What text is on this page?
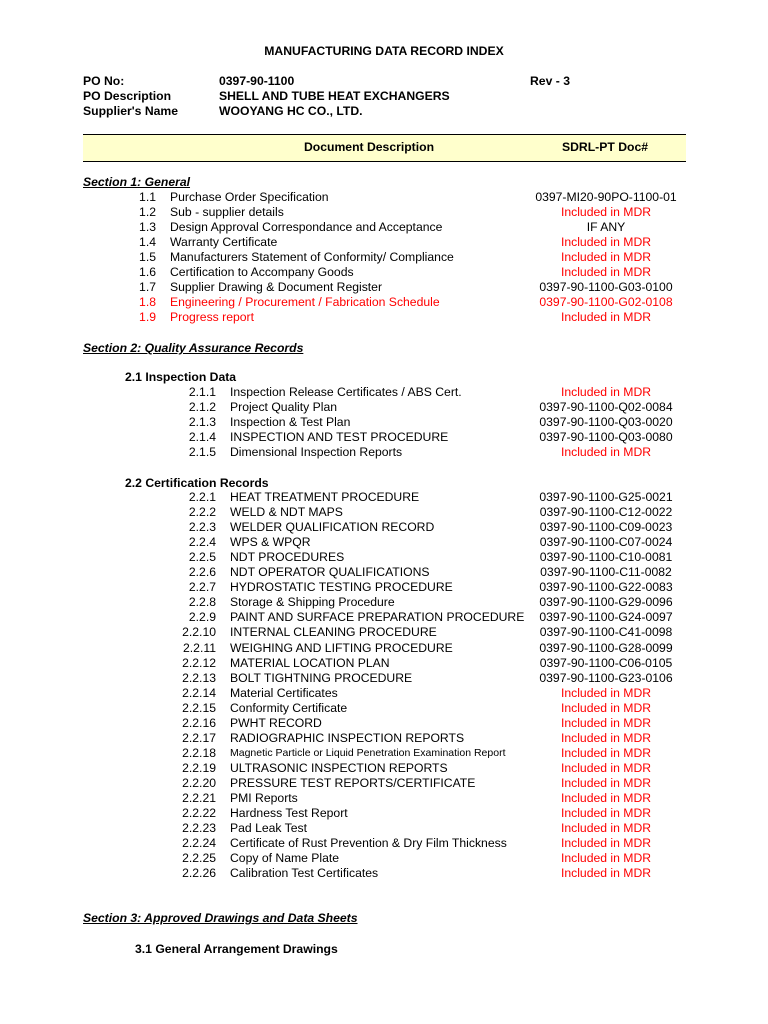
MANUFACTURING DATA RECORD INDEX
PO No:	0397-90-1100	Rev - 3
PO Description	SHELL AND TUBE HEAT EXCHANGERS
Supplier's Name	WOOYANG HC CO., LTD.
Document Description	SDRL-PT Doc#
Section 1: General
1.1 Purchase Order Specification	0397-MI20-90PO-1100-01
1.2 Sub - supplier details	Included in MDR
1.3 Design Approval Correspondance and Acceptance	IF ANY
1.4 Warranty Certificate	Included in MDR
1.5 Manufacturers Statement of Conformity/ Compliance	Included in MDR
1.6 Certification to Accompany Goods	Included in MDR
1.7 Supplier Drawing & Document Register	0397-90-1100-G03-0100
1.8 Engineering / Procurement / Fabrication Schedule	0397-90-1100-G02-0108
1.9 Progress report	Included in MDR
Section 2: Quality Assurance Records
2.1 Inspection Data
2.1.1 Inspection Release Certificates / ABS Cert.	Included in MDR
2.1.2 Project Quality Plan	0397-90-1100-Q02-0084
2.1.3 Inspection & Test Plan	0397-90-1100-Q03-0020
2.1.4 INSPECTION AND TEST PROCEDURE	0397-90-1100-Q03-0080
2.1.5 Dimensional Inspection Reports	Included in MDR
2.2 Certification Records
2.2.1 HEAT TREATMENT PROCEDURE	0397-90-1100-G25-0021
2.2.2 WELD & NDT MAPS	0397-90-1100-C12-0022
2.2.3 WELDER QUALIFICATION RECORD	0397-90-1100-C09-0023
2.2.4 WPS & WPQR	0397-90-1100-C07-0024
2.2.5 NDT PROCEDURES	0397-90-1100-C10-0081
2.2.6 NDT OPERATOR QUALIFICATIONS	0397-90-1100-C11-0082
2.2.7 HYDROSTATIC TESTING PROCEDURE	0397-90-1100-G22-0083
2.2.8 Storage & Shipping Procedure	0397-90-1100-G29-0096
2.2.9 PAINT AND SURFACE PREPARATION PROCEDURE	0397-90-1100-G24-0097
2.2.10 INTERNAL CLEANING PROCEDURE	0397-90-1100-C41-0098
2.2.11 WEIGHING AND LIFTING PROCEDURE	0397-90-1100-G28-0099
2.2.12 MATERIAL LOCATION PLAN	0397-90-1100-C06-0105
2.2.13 BOLT TIGHTNING PROCEDURE	0397-90-1100-G23-0106
2.2.14 Material Certificates	Included in MDR
2.2.15 Conformity Certificate	Included in MDR
2.2.16 PWHT RECORD	Included in MDR
2.2.17 RADIOGRAPHIC INSPECTION REPORTS	Included in MDR
2.2.18 Magnetic Particle or Liquid Penetration Examination Report	Included in MDR
2.2.19 ULTRASONIC INSPECTION REPORTS	Included in MDR
2.2.20 PRESSURE TEST REPORTS/CERTIFICATE	Included in MDR
2.2.21 PMI Reports	Included in MDR
2.2.22 Hardness Test Report	Included in MDR
2.2.23 Pad Leak Test	Included in MDR
2.2.24 Certificate of Rust Prevention & Dry Film Thickness	Included in MDR
2.2.25 Copy of Name Plate	Included in MDR
2.2.26 Calibration Test Certificates	Included in MDR
Section 3: Approved Drawings and Data Sheets
3.1 General Arrangement Drawings
